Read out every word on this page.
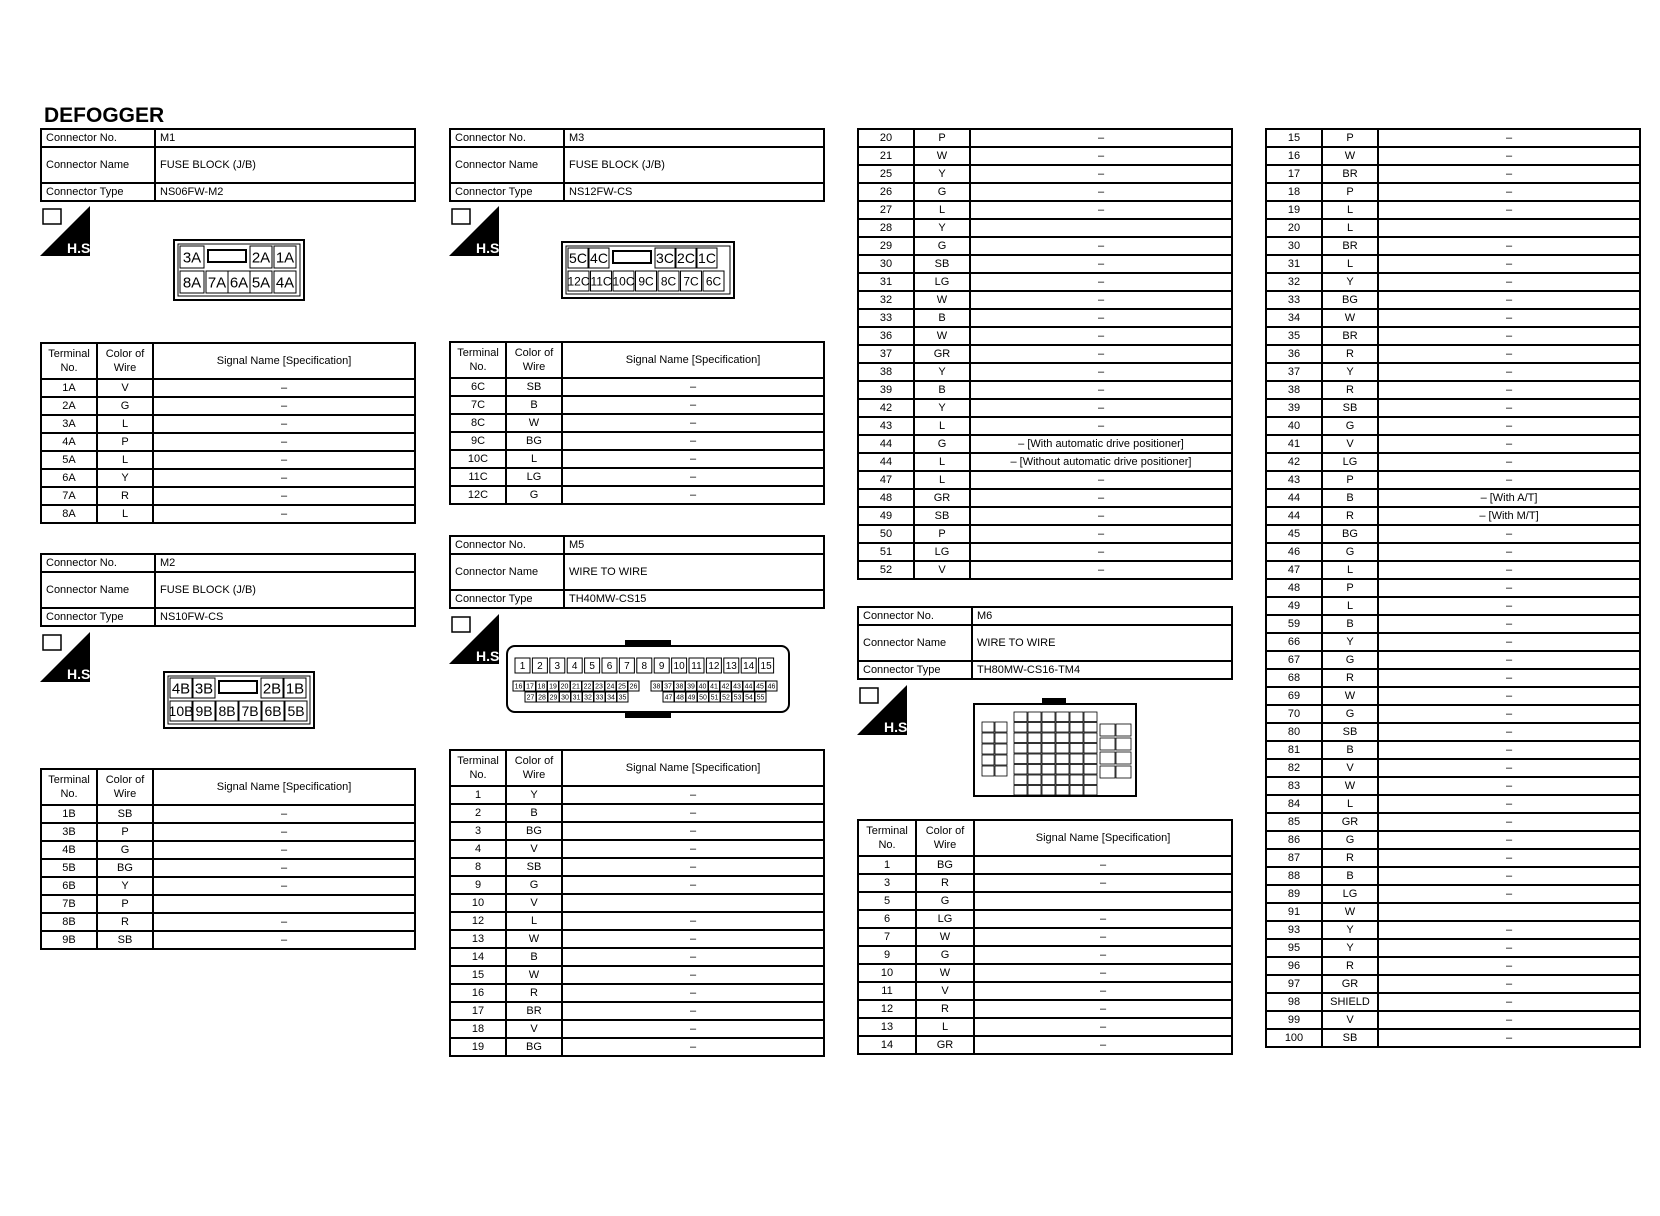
DEFOGGER
Connector No.	M1
Connector Name	FUSE BLOCK (J/B)
Connector Type	NS06FW-M2
H.S.
3A	2A 1A
8A 7A 6A 5A 4A
Terminal No.	Color of Wire	Signal Name [Specification]
1A	V	–
2A	G	–
3A	L	–
4A	P	–
5A	L	–
6A	Y	–
7A	R	–
8A	L	–
Connector No.	M2
Connector Name	FUSE BLOCK (J/B)
Connector Type	NS10FW-CS
H.S.
4B 3B	2B 1B
10B 9B 8B 7B 6B 5B
Terminal No.	Color of Wire	Signal Name [Specification]
1B	SB	–
3B	P	–
4B	G	–
5B	BG	–
6B	Y	–
7B	P	
8B	R	–
9B	SB	–
Connector No.	M3
Connector Name	FUSE BLOCK (J/B)
Connector Type	NS12FW-CS
H.S.
5C 4C	3C 2C 1C
12C 11C 10C 9C 8C 7C 6C
Terminal No.	Color of Wire	Signal Name [Specification]
6C	SB	–
7C	B	–
8C	W	–
9C	BG	–
10C	L	–
11C	LG	–
12C	G	–
Connector No.	M5
Connector Name	WIRE TO WIRE
Connector Type	TH40MW-CS15
H.S.
1 2 3 4 5 6 7 8 9 10 11 12 13 14 15
16 17 18 19 20 21 22 23 24 25 26 38 37 38 39 40 41 42 43 44 45 46
27 28 29 30 31 32 33 34 35	47 48 49 50 51 52 53 54 55
Terminal No.	Color of Wire	Signal Name [Specification]
1	Y	–
2	B	–
3	BG	–
4	V	–
8	SB	–
9	G	–
10	V	
12	L	–
13	W	–
14	B	–
15	W	–
16	R	–
17	BR	–
18	V	–
19	BG	–
20	P	–
21	W	–
25	Y	–
26	G	–
27	L	–
28	Y	
29	G	–
30	SB	–
31	LG	–
32	W	–
33	B	–
36	W	–
37	GR	–
38	Y	–
39	B	–
42	Y	–
43	L	–
44	G	– [With automatic drive positioner]
44	L	– [Without automatic drive positioner]
47	L	–
48	GR	–
49	SB	–
50	P	–
51	LG	–
52	V	–
Connector No.	M6
Connector Name	WIRE TO WIRE
Connector Type	TH80MW-CS16-TM4
H.S.
Terminal No.	Color of Wire	Signal Name [Specification]
1	BG	–
3	R	–
5	G	
6	LG	–
7	W	–
9	G	–
10	W	–
11	V	–
12	R	–
13	L	–
14	GR	–
15	P	–
16	W	–
17	BR	–
18	P	–
19	L	–
20	L	
30	BR	–
31	L	–
32	Y	–
33	BG	–
34	W	–
35	BR	–
36	R	–
37	Y	–
38	R	–
39	SB	–
40	G	–
41	V	–
42	LG	–
43	P	–
44	B	– [With A/T]
44	R	– [With M/T]
45	BG	–
46	G	–
47	L	–
48	P	–
49	L	–
59	B	–
66	Y	–
67	G	–
68	R	–
69	W	–
70	G	–
80	SB	–
81	B	–
82	V	–
83	W	–
84	L	–
85	GR	–
86	G	–
87	R	–
88	B	–
89	LG	–
91	W	
93	Y	–
95	Y	–
96	R	–
97	GR	–
98	SHIELD	–
99	V	–
100	SB	–
